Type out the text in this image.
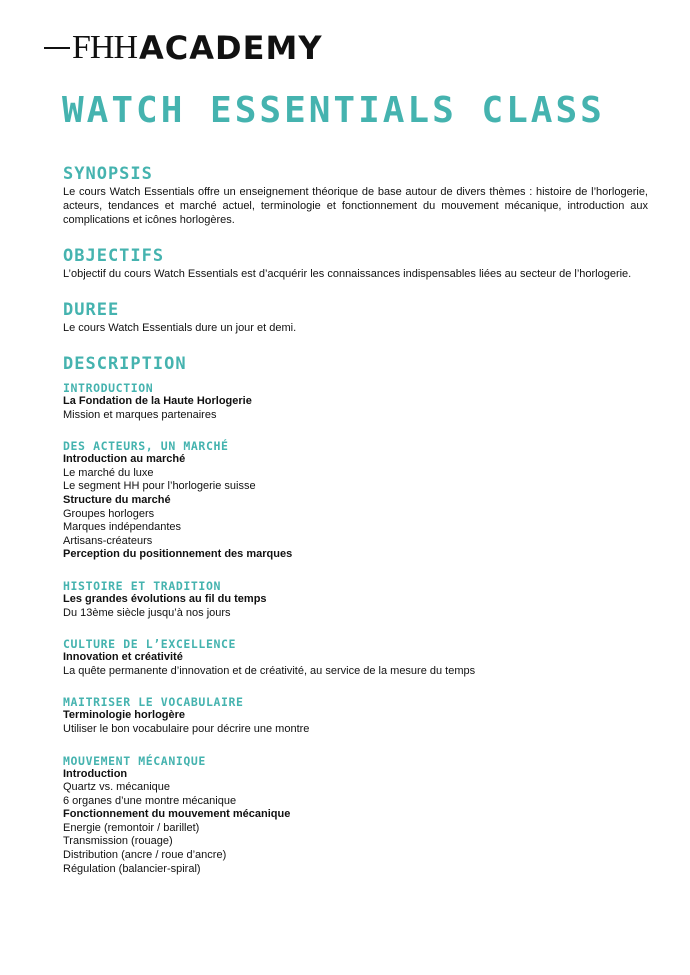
FHH ACADEMY
WATCH ESSENTIALS CLASS
SYNOPSIS

Le cours Watch Essentials offre un enseignement théorique de base autour de divers thèmes : histoire de l’horlogerie, acteurs, tendances et marché actuel, terminologie et fonctionnement du mouvement mécanique, introduction aux complications et icônes horlogères.

OBJECTIFS

L’objectif du cours Watch Essentials est d’acquérir les connaissances indispensables liées au secteur de l’horlogerie.

DUREE

Le cours Watch Essentials dure un jour et demi.

DESCRIPTION
INTRODUCTION
La Fondation de la Haute Horlogerie
Mission et marques partenaires
DES ACTEURS, UN MARCHÉ
Introduction au marché
Le marché du luxe
Le segment HH pour l’horlogerie suisse
Structure du marché
Groupes horlogers
Marques indépendantes
Artisans-créateurs
Perception du positionnement des marques
HISTOIRE ET TRADITION
Les grandes évolutions au fil du temps
Du 13ème siècle jusqu’à nos jours
CULTURE DE L’EXCELLENCE
Innovation et créativité
La quête permanente d’innovation et de créativité, au service de la mesure du temps
MAITRISER LE VOCABULAIRE
Terminologie horlogère
Utiliser le bon vocabulaire pour décrire une montre
MOUVEMENT MÉCANIQUE
Introduction
Quartz vs. mécanique
6 organes d’une montre mécanique
Fonctionnement du mouvement mécanique
Energie (remontoir / barillet)
Transmission (rouage)
Distribution (ancre / roue d’ancre)
Régulation (balancier-spiral)
